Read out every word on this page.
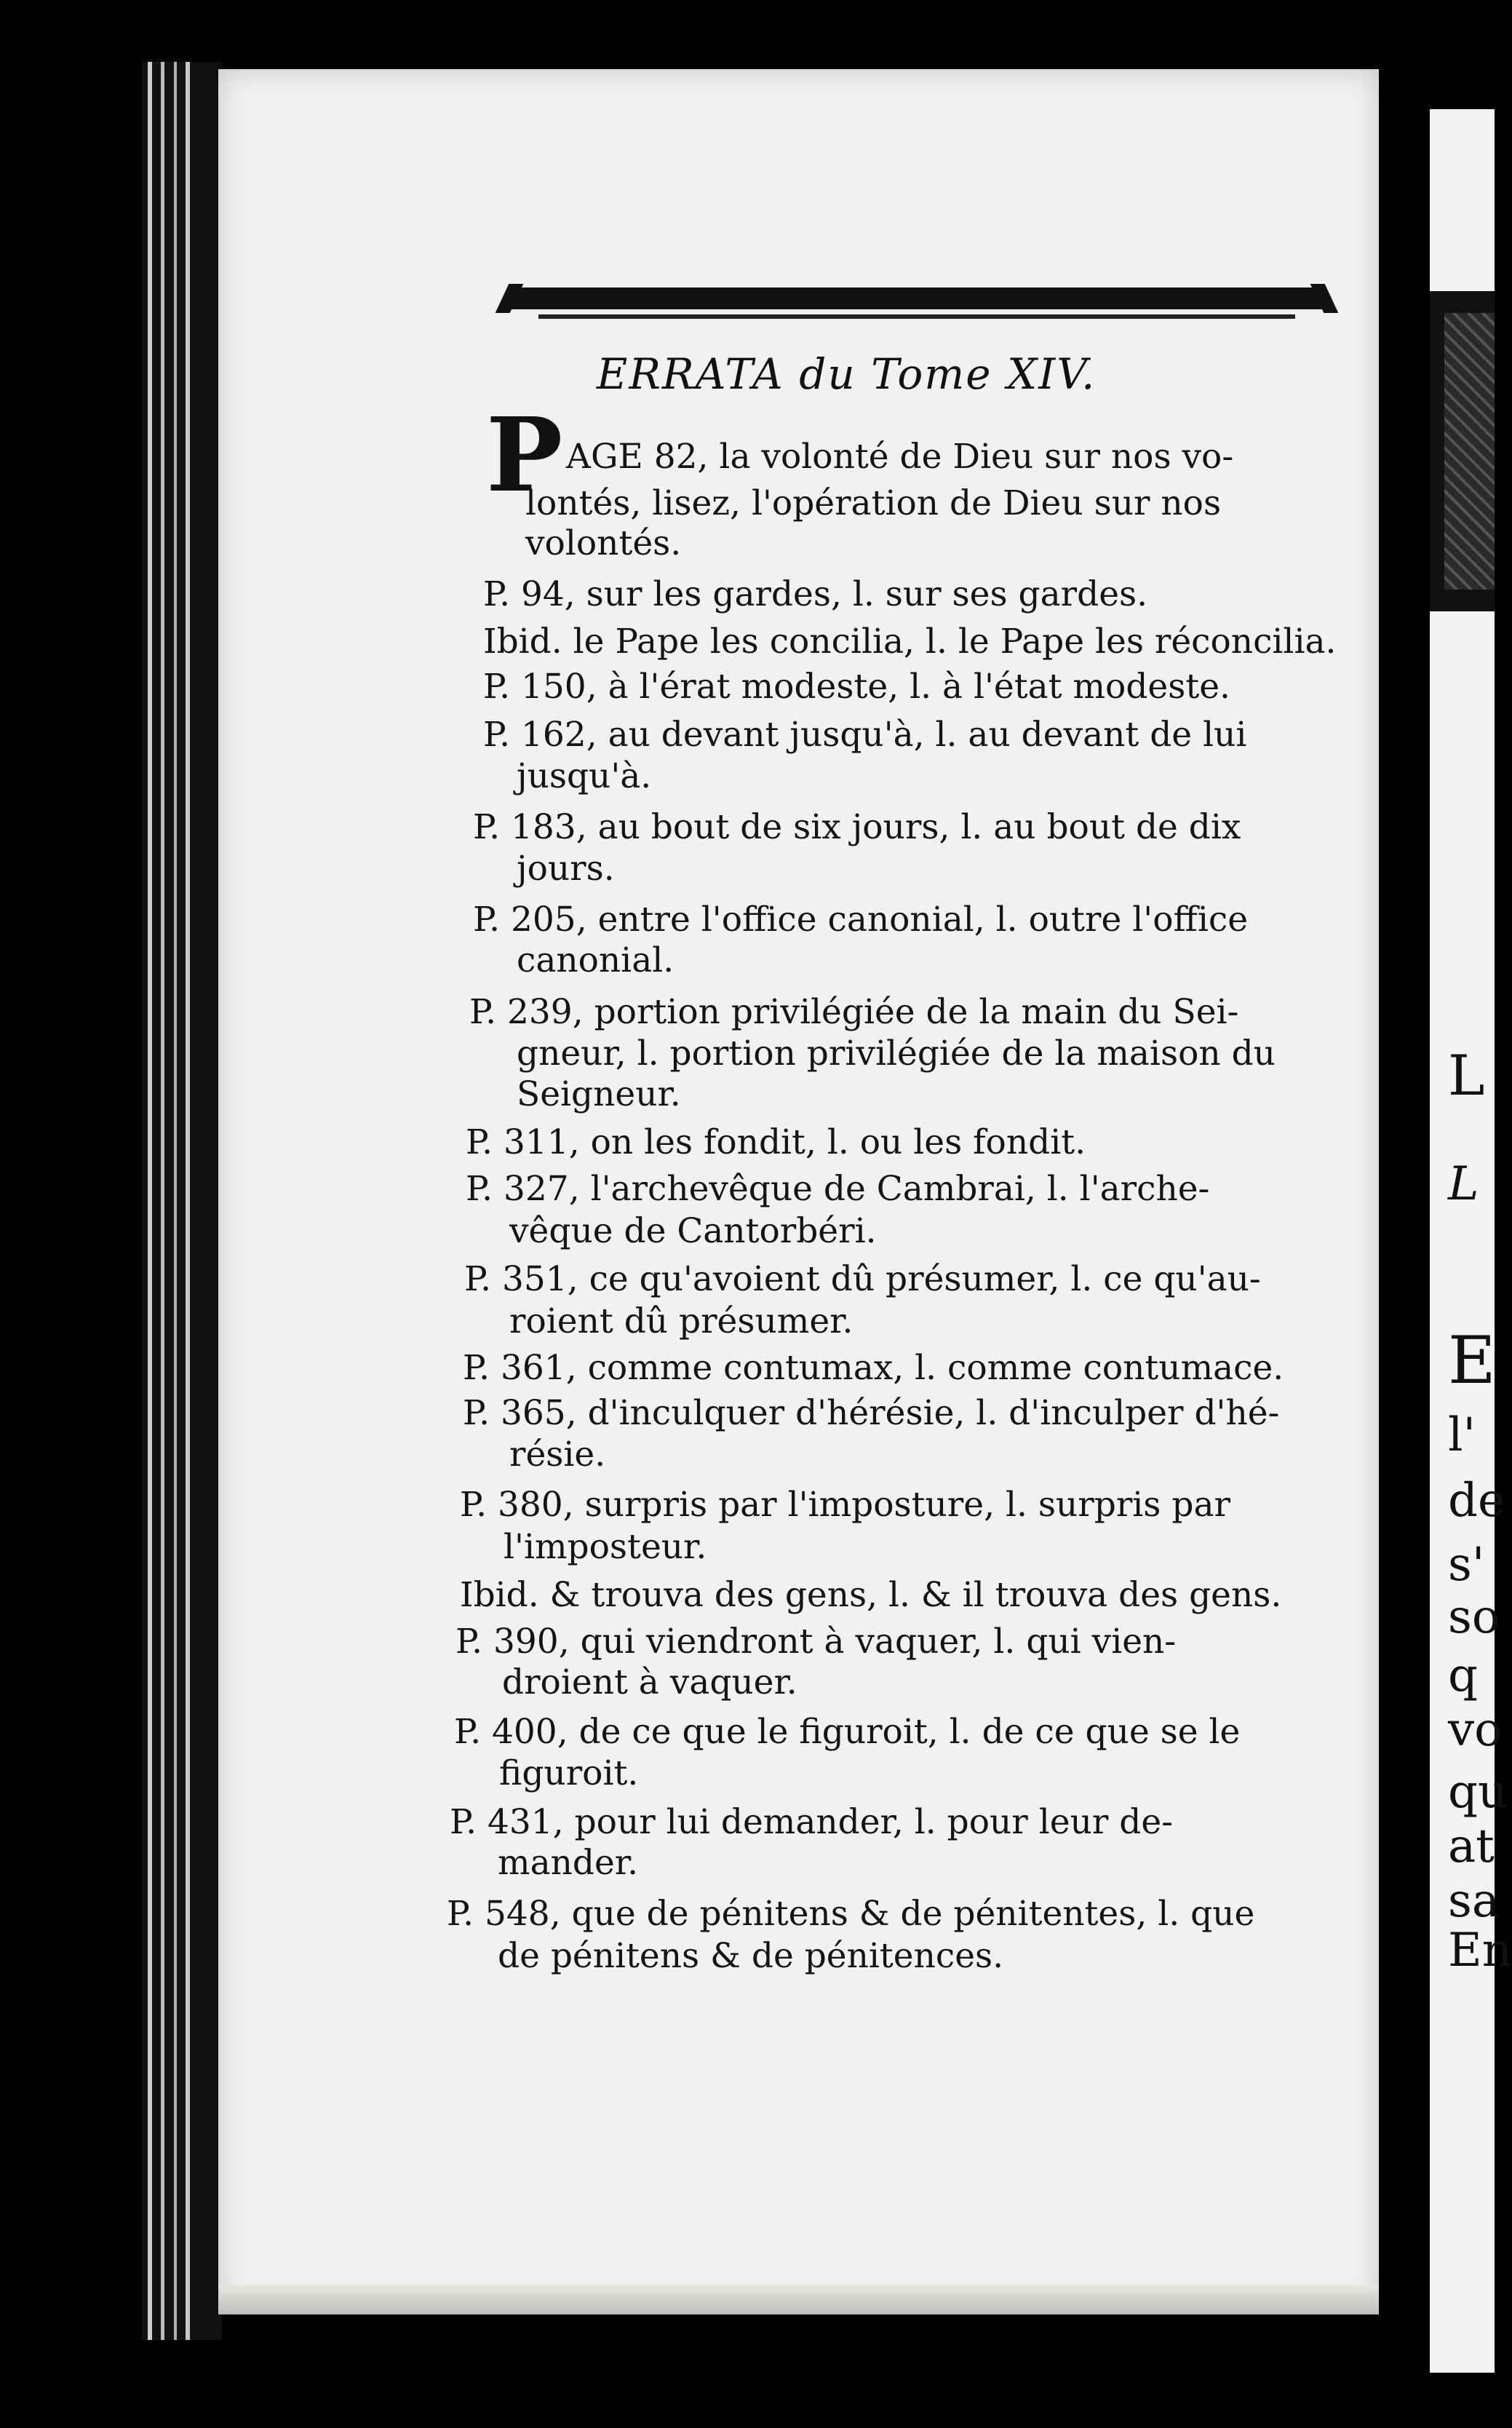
L
L
E
l'
de
s'
so
q
vo
qu
at
sa
En
ERRATA du Tome XIV.
P AGE 82, la volonté de Dieu sur nos vo-
lontés, lisez, l'opération de Dieu sur nos
volontés.
P. 94, sur les gardes, l. sur ses gardes.
Ibid. le Pape les concilia, l. le Pape les réconcilia.
P. 150, à l'érat modeste, l. à l'état modeste.
P. 162, au devant jusqu'à, l. au devant de lui
jusqu'à.
P. 183, au bout de six jours, l. au bout de dix
jours.
P. 205, entre l'office canonial, l. outre l'office
canonial.
P. 239, portion privilégiée de la main du Sei-
gneur, l. portion privilégiée de la maison du
Seigneur.
P. 311, on les fondit, l. ou les fondit.
P. 327, l'archevêque de Cambrai, l. l'arche-
vêque de Cantorbéri.
P. 351, ce qu'avoient dû présumer, l. ce qu'au-
roient dû présumer.
P. 361, comme contumax, l. comme contumace.
P. 365, d'inculquer d'hérésie, l. d'inculper d'hé-
résie.
P. 380, surpris par l'imposture, l. surpris par
l'imposteur.
Ibid. & trouva des gens, l. & il trouva des gens.
P. 390, qui viendront à vaquer, l. qui vien-
droient à vaquer.
P. 400, de ce que le figuroit, l. de ce que se le
figuroit.
P. 431, pour lui demander, l. pour leur de-
mander.
P. 548, que de pénitens & de pénitentes, l. que
de pénitens & de pénitences.
